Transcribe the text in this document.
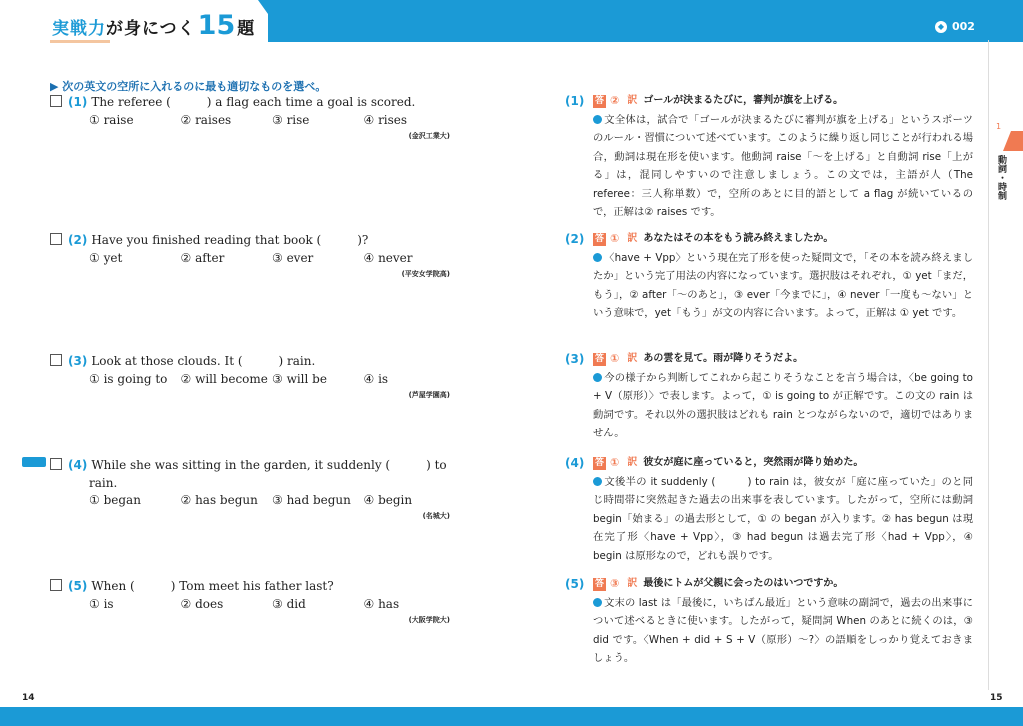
実戦力が身につく15 題	◆ 002
1
動詞・時制
▶ 次の英文の空所に入れるのに最も適切なものを選べ。
(1) The referee (　　　) a flag each time a goal is scored.
① raise	② raises	③ rise	④ rises
(金沢工業大)
(2) Have you finished reading that book (　　　)?
① yet	② after	③ ever	④ never
(平安女学院高)
(3) Look at those clouds. It (　　　) rain.
① is going to	② will become ③ will be	④ is
(芦屋学園高)
(4) While she was sitting in the garden, it suddenly (　　　) to
rain.
① began	② has begun	③ had begun	④ begin
(名城大)
(5) When (　　　) Tom meet his father last?
① is	② does	③ did	④ has
(大阪学院大)
(1)	答 ② 訳 ゴールが決まるたびに，審判が旗を上げる。
文全体は，試合で「ゴールが決まるたびに審判が旗を上げる」というスポーツのルール・習慣について述べています。このように繰り返し同じことが行われる場合，動詞は現在形を使います。他動詞 raise「～を上げる」と自動詞 rise「上がる」は，混同しやすいので注意しましょう。この文では，主語が人（The referee：三人称単数）で，空所のあとに目的語として a flag が続いているので，正解は② raises です。
(2)	答 ① 訳 あなたはその本をもう読み終えましたか。
〈have + Vpp〉という現在完了形を使った疑問文で，「その本を読み終えましたか」という完了用法の内容になっています。選択肢はそれぞれ，① yet「まだ，もう」，② after「～のあと」，③ ever「今までに」，④ never「一度も～ない」という意味で，yet「もう」が文の内容に合います。よって，正解は ① yet です。
(3)	答 ① 訳 あの雲を見て。雨が降りそうだよ。
今の様子から判断してこれから起こりそうなことを言う場合は，〈be going to + V（原形）〉で表します。よって，① is going to が正解です。この文の rain は動詞です。それ以外の選択肢はどれも rain とつながらないので，適切ではありません。
(4)	答 ① 訳 彼女が庭に座っていると，突然雨が降り始めた。
文後半の it suddenly (　　　) to rain は，彼女が「庭に座っていた」のと同じ時間帯に突然起きた過去の出来事を表しています。したがって，空所には動詞 begin「始まる」の過去形として，① の began が入ります。② has begun は現在完了形〈have + Vpp〉，③ had begun は過去完了形〈had + Vpp〉，④ begin は原形なので，どれも誤りです。
(5)	答 ③ 訳 最後にトムが父親に会ったのはいつですか。
文末の last は「最後に，いちばん最近」という意味の副詞で，過去の出来事について述べるときに使います。したがって，疑問詞 When のあとに続くのは，③ did です。〈When + did + S + V（原形）～?〉の語順をしっかり覚えておきましょう。
14	15
